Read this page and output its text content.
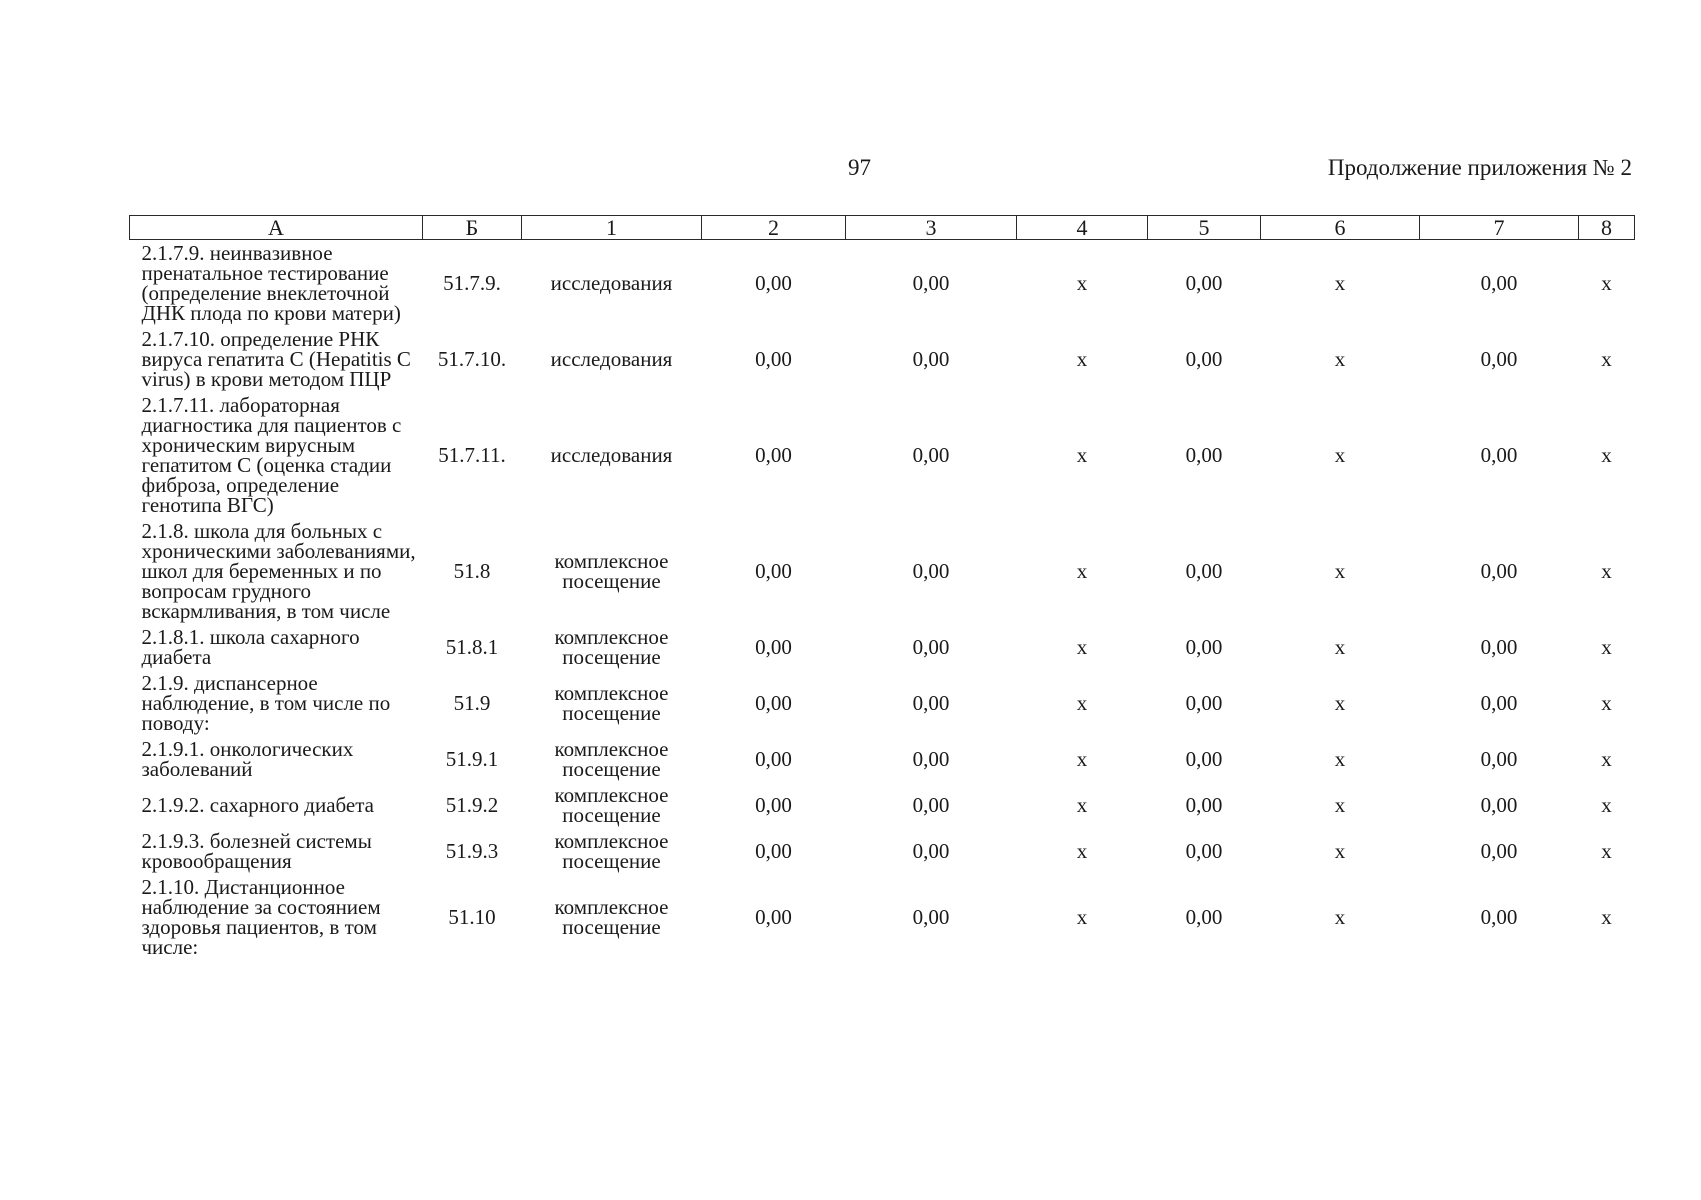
97	Продолжение приложения № 2
А	Б	1	2	3	4	5	6	7	8
2.1.7.9. неинвазивное пренатальное тестирование (определение внеклеточной ДНК плода по крови матери)	51.7.9.	исследования	0,00	0,00	х	0,00	х	0,00	х
2.1.7.10. определение РНК вируса гепатита С (Hepatitis C virus) в крови методом ПЦР	51.7.10.	исследования	0,00	0,00	х	0,00	х	0,00	х
2.1.7.11. лабораторная диагностика для пациентов с хроническим вирусным гепатитом С (оценка стадии фиброза, определение генотипа ВГС)	51.7.11.	исследования	0,00	0,00	х	0,00	х	0,00	х
2.1.8. школа для больных с хроническими заболеваниями, школ для беременных и по вопросам грудного вскармливания, в том числе	51.8	комплексное посещение	0,00	0,00	х	0,00	х	0,00	х
2.1.8.1. школа сахарного диабета	51.8.1	комплексное посещение	0,00	0,00	х	0,00	х	0,00	х
2.1.9. диспансерное наблюдение, в том числе по поводу:	51.9	комплексное посещение	0,00	0,00	х	0,00	х	0,00	х
2.1.9.1. онкологических заболеваний	51.9.1	комплексное посещение	0,00	0,00	х	0,00	х	0,00	х
2.1.9.2. сахарного диабета	51.9.2	комплексное посещение	0,00	0,00	х	0,00	х	0,00	х
2.1.9.3. болезней системы кровообращения	51.9.3	комплексное посещение	0,00	0,00	х	0,00	х	0,00	х
2.1.10. Дистанционное наблюдение за состоянием здоровья пациентов, в том числе:	51.10	комплексное посещение	0,00	0,00	х	0,00	х	0,00	х
